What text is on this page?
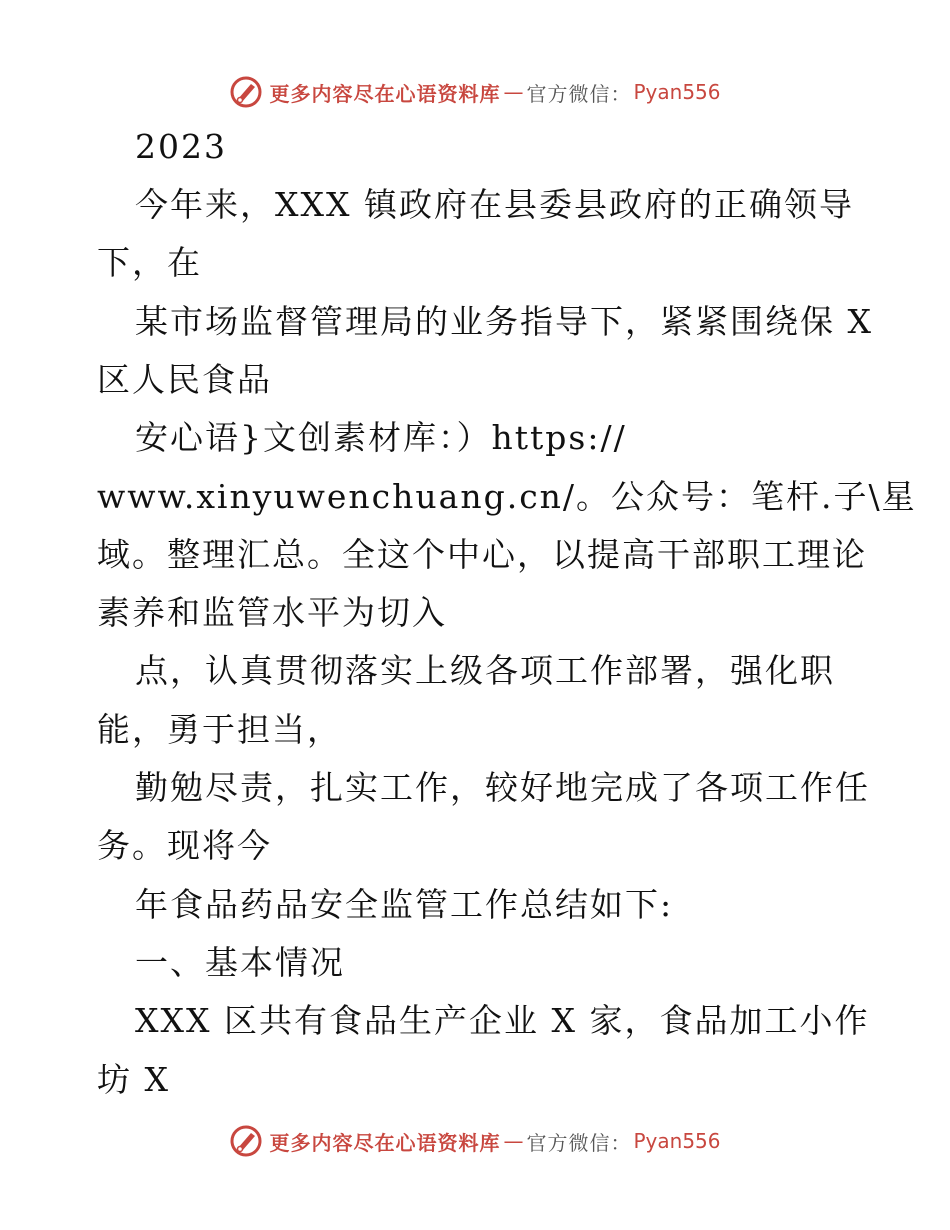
更多内容尽在心语资料库 — 官方微信： Pyan556
2023
今年来，XXX 镇政府在县委县政府的正确领导
下，在
某市场监督管理局的业务指导下，紧紧围绕保 X
区人民食品
安心语}文创素材库：）https://
www.xinyuwenchuang.cn/。公众号：笔杆.子\星
域。整理汇总。全这个中心，以提高干部职工理论
素养和监管水平为切入
点，认真贯彻落实上级各项工作部署，强化职
能，勇于担当，
勤勉尽责，扎实工作，较好地完成了各项工作任
务。现将今
年食品药品安全监管工作总结如下:
一、基本情况
XXX 区共有食品生产企业 X 家，食品加工小作
坊 X
更多内容尽在心语资料库 — 官方微信： Pyan556
